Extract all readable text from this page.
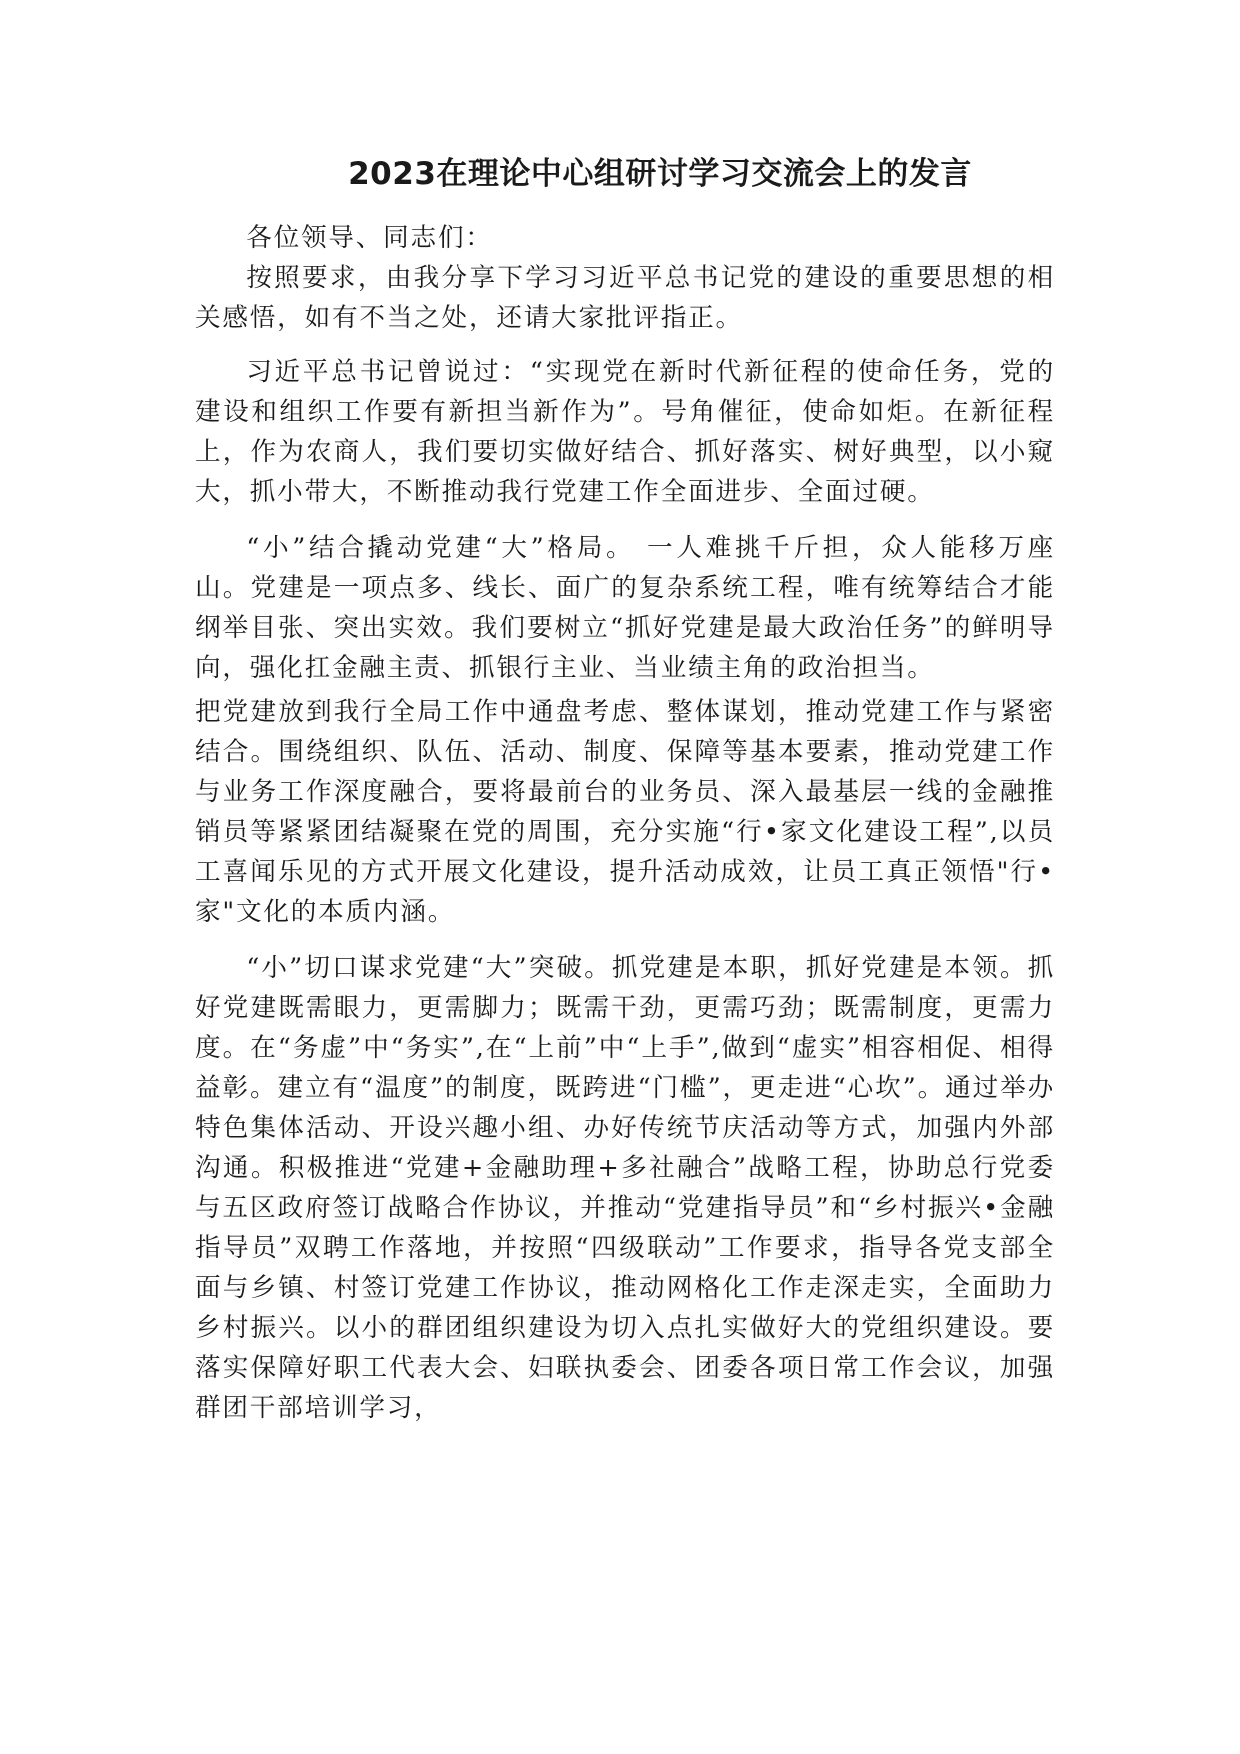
2023在理论中心组研讨学习交流会上的发言

各位领导、同志们：

按照要求，由我分享下学习习近平总书记党的建设的重要思想的相关感悟，如有不当之处，还请大家批评指正。

习近平总书记曾说过：“实现党在新时代新征程的使命任务，党的建设和组织工作要有新担当新作为”。号角催征，使命如炬。在新征程上，作为农商人，我们要切实做好结合、抓好落实、树好典型，以小窥大，抓小带大，不断推动我行党建工作全面进步、全面过硬。

“小”结合撬动党建“大”格局。 一人难挑千斤担，众人能移万座山。党建是一项点多、线长、面广的复杂系统工程，唯有统筹结合才能纲举目张、突出实效。我们要树立“抓好党建是最大政治任务”的鲜明导向，强化扛金融主责、抓银行主业、当业绩主角的政治担当。

把党建放到我行全局工作中通盘考虑、整体谋划，推动党建工作与紧密结合。围绕组织、队伍、活动、制度、保障等基本要素，推动党建工作与业务工作深度融合，要将最前台的业务员、深入最基层一线的金融推销员等紧紧团结凝聚在党的周围，充分实施“行•家文化建设工程”,以员工喜闻乐见的方式开展文化建设，提升活动成效，让员工真正领悟"行•家"文化的本质内涵。

“小”切口谋求党建“大”突破。抓党建是本职，抓好党建是本领。抓好党建既需眼力，更需脚力；既需干劲，更需巧劲；既需制度，更需力度。在“务虚”中“务实”,在“上前”中“上手”,做到“虚实”相容相促、相得益彰。建立有“温度”的制度，既跨进“门槛”，更走进“心坎”。通过举办特色集体活动、开设兴趣小组、办好传统节庆活动等方式，加强内外部沟通。积极推进“党建+金融助理+多社融合”战略工程，协助总行党委与五区政府签订战略合作协议，并推动“党建指导员”和“乡村振兴•金融指导员”双聘工作落地，并按照“四级联动”工作要求，指导各党支部全面与乡镇、村签订党建工作协议，推动网格化工作走深走实，全面助力乡村振兴。以小的群团组织建设为切入点扎实做好大的党组织建设。要落实保障好职工代表大会、妇联执委会、团委各项日常工作会议，加强群团干部培训学习，
